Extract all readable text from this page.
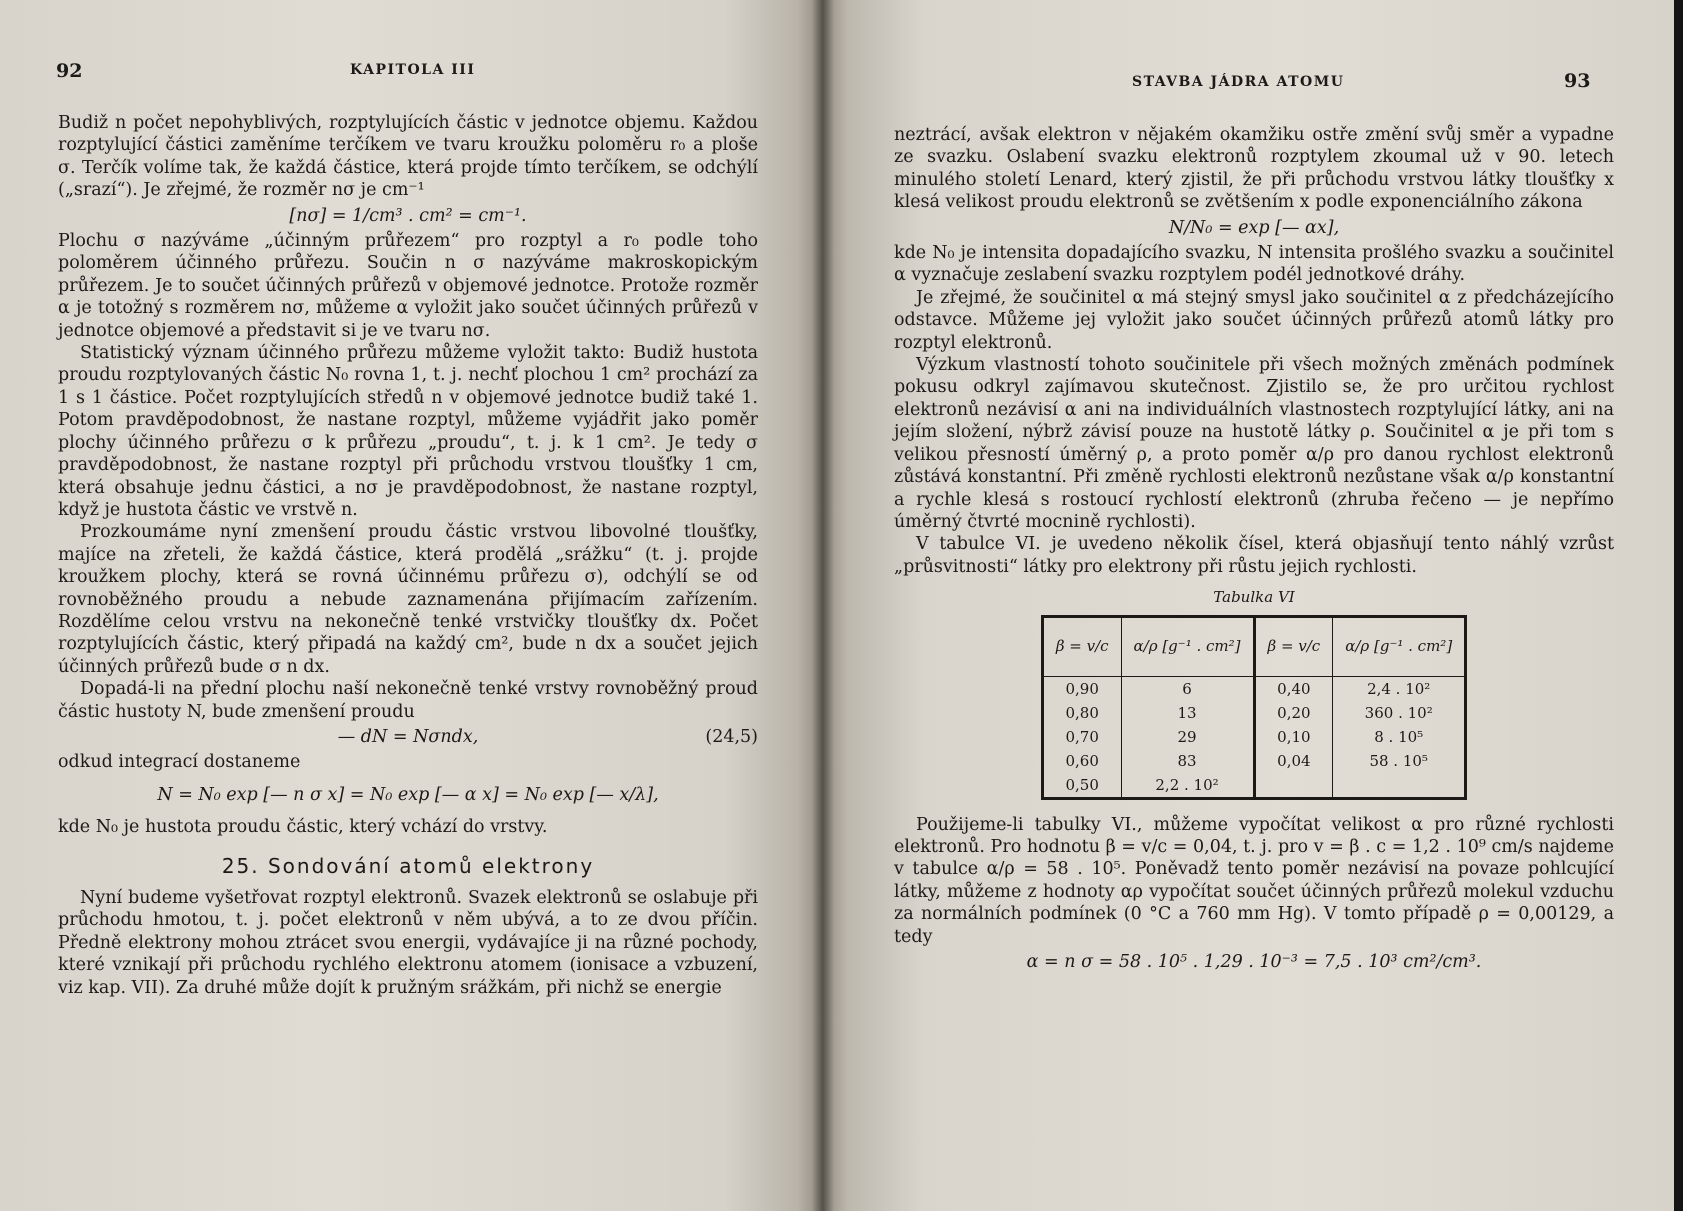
92	KAPITOLA III

Budiž n počet nepohyblivých, rozptylujících částic v jednotce objemu. Každou rozptylující částici zaměníme terčíkem ve tvaru kroužku poloměru r₀ a ploše σ. Terčík volíme tak, že každá částice, která projde tímto terčíkem, se odchýlí („srazí“). Je zřejmé, že rozměr nσ je cm⁻¹

[nσ] = 1/cm³ . cm² = cm⁻¹.

Plochu σ nazýváme „účinným průřezem“ pro rozptyl a r₀ podle toho poloměrem účinného průřezu. Součin n σ nazýváme makroskopickým průřezem. Je to součet účinných průřezů v objemové jednotce. Protože rozměr α je totožný s rozměrem nσ, můžeme α vyložit jako součet účinných průřezů v jednotce objemové a představit si je ve tvaru nσ.

Statistický význam účinného průřezu můžeme vyložit takto: Budiž hustota proudu rozptylovaných částic N₀ rovna 1, t. j. nechť plochou 1 cm² prochází za 1 s 1 částice. Počet rozptylujících středů n v objemové jednotce budiž také 1. Potom pravděpodobnost, že nastane rozptyl, můžeme vyjádřit jako poměr plochy účinného průřezu σ k průřezu „proudu“, t. j. k 1 cm². Je tedy σ pravděpodobnost, že nastane rozptyl při průchodu vrstvou tloušťky 1 cm, která obsahuje jednu částici, a nσ je pravděpodobnost, že nastane rozptyl, když je hustota částic ve vrstvě n.

Prozkoumáme nyní zmenšení proudu částic vrstvou libovolné tloušťky, majíce na zřeteli, že každá částice, která prodělá „srážku“ (t. j. projde kroužkem plochy, která se rovná účinnému průřezu σ), odchýlí se od rovnoběžného proudu a nebude zaznamenána přijímacím zařízením. Rozdělíme celou vrstvu na nekonečně tenké vrstvičky tloušťky dx. Počet rozptylujících částic, který připadá na každý cm², bude n dx a součet jejich účinných průřezů bude σ n dx.

Dopadá-li na přední plochu naší nekonečně tenké vrstvy rovnoběžný proud částic hustoty N, bude zmenšení proudu

— dN = Nσndx,	(24,5)

odkud integrací dostaneme

N = N₀ exp [— n σ x] = N₀ exp [— α x] = N₀ exp [— x/λ],

kde N₀ je hustota proudu částic, který vchází do vrstvy.

25. Sondování atomů elektrony

Nyní budeme vyšetřovat rozptyl elektronů. Svazek elektronů se oslabuje při průchodu hmotou, t. j. počet elektronů v něm ubývá, a to ze dvou příčin. Předně elektrony mohou ztrácet svou energii, vydávajíce ji na různé pochody, které vznikají při průchodu rychlého elektronu atomem (ionisace a vzbuzení, viz kap. VII). Za druhé může dojít k pružným srážkám, při nichž se energie

STAVBA JÁDRA ATOMU	93

neztrácí, avšak elektron v nějakém okamžiku ostře změní svůj směr a vypadne ze svazku. Oslabení svazku elektronů rozptylem zkoumal už v 90. letech minulého století Lenard, který zjistil, že při průchodu vrstvou látky tloušťky x klesá velikost proudu elektronů se zvětšením x podle exponenciálního zákona

N/N₀ = exp [— αx],

kde N₀ je intensita dopadajícího svazku, N intensita prošlého svazku a součinitel α vyznačuje zeslabení svazku rozptylem podél jednotkové dráhy.

Je zřejmé, že součinitel α má stejný smysl jako součinitel α z předcházejícího odstavce. Můžeme jej vyložit jako součet účinných průřezů atomů látky pro rozptyl elektronů.

Výzkum vlastností tohoto součinitele při všech možných změnách podmínek pokusu odkryl zajímavou skutečnost. Zjistilo se, že pro určitou rychlost elektronů nezávisí α ani na individuálních vlastnostech rozptylující látky, ani na jejím složení, nýbrž závisí pouze na hustotě látky ρ. Součinitel α je při tom s velikou přesností úměrný ρ, a proto poměr α/ρ pro danou rychlost elektronů zůstává konstantní. Při změně rychlosti elektronů nezůstane však α/ρ konstantní a rychle klesá s rostoucí rychlostí elektronů (zhruba řečeno — je nepřímo úměrný čtvrté mocnině rychlosti).

V tabulce VI. je uvedeno několik čísel, která objasňují tento náhlý vzrůst „průsvitnosti“ látky pro elektrony při růstu jejich rychlosti.

Tabulka VI
β = v/c	α/ρ [g⁻¹ . cm²]	β = v/c	α/ρ [g⁻¹ . cm²]
0,90	6	0,40	2,4 . 10²
0,80	13	0,20	360 . 10²
0,70	29	0,10	8 . 10⁵
0,60	83	0,04	58 . 10⁵
0,50	2,2 . 10²		

Použijeme-li tabulky VI., můžeme vypočítat velikost α pro různé rychlosti elektronů. Pro hodnotu β = v/c = 0,04, t. j. pro v = β . c = 1,2 . 10⁹ cm/s najdeme v tabulce α/ρ = 58 . 10⁵. Poněvadž tento poměr nezávisí na povaze pohlcující látky, můžeme z hodnoty αρ vypočítat součet účinných průřezů molekul vzduchu za normálních podmínek (0 °C a 760 mm Hg). V tomto případě ρ = 0,00129, a tedy

α = n σ = 58 . 10⁵ . 1,29 . 10⁻³ = 7,5 . 10³ cm²/cm³.
